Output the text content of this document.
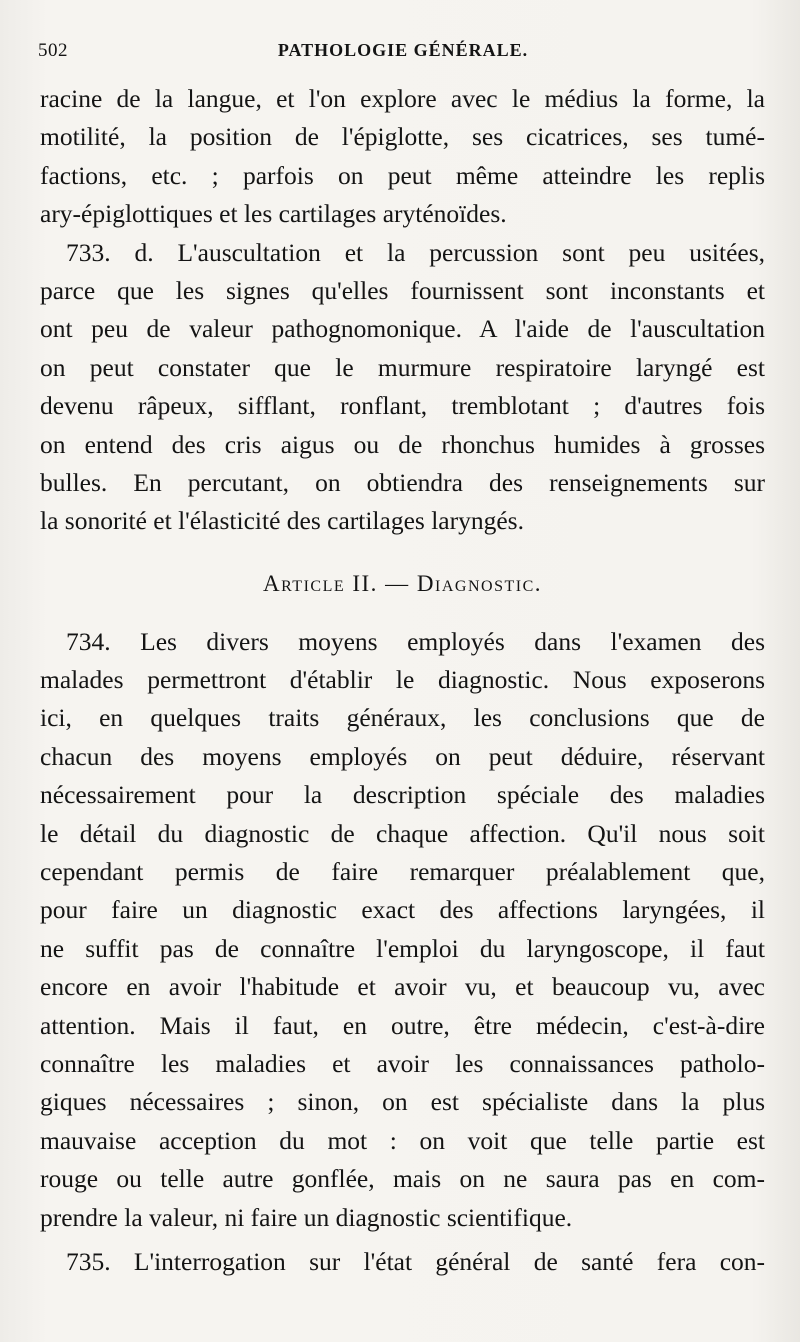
502	PATHOLOGIE GÉNÉRALE.
racine de la langue, et l'on explore avec le médius la forme, la
motilité, la position de l'épiglotte, ses cicatrices, ses tumé-
factions, etc. ; parfois on peut même atteindre les replis
ary-épiglottiques et les cartilages aryténoïdes.
733. d. L'auscultation et la percussion sont peu usitées,
parce que les signes qu'elles fournissent sont inconstants et
ont peu de valeur pathognomonique. A l'aide de l'auscultation
on peut constater que le murmure respiratoire laryngé est
devenu râpeux, sifflant, ronflant, tremblotant ; d'autres fois
on entend des cris aigus ou de rhonchus humides à grosses
bulles. En percutant, on obtiendra des renseignements sur
la sonorité et l'élasticité des cartilages laryngés.
Article II. — Diagnostic.
734. Les divers moyens employés dans l'examen des
malades permettront d'établir le diagnostic. Nous exposerons
ici, en quelques traits généraux, les conclusions que de
chacun des moyens employés on peut déduire, réservant
nécessairement pour la description spéciale des maladies
le détail du diagnostic de chaque affection. Qu'il nous soit
cependant permis de faire remarquer préalablement que,
pour faire un diagnostic exact des affections laryngées, il
ne suffit pas de connaître l'emploi du laryngoscope, il faut
encore en avoir l'habitude et avoir vu, et beaucoup vu, avec
attention. Mais il faut, en outre, être médecin, c'est-à-dire
connaître les maladies et avoir les connaissances patholo-
giques nécessaires ; sinon, on est spécialiste dans la plus
mauvaise acception du mot : on voit que telle partie est
rouge ou telle autre gonflée, mais on ne saura pas en com-
prendre la valeur, ni faire un diagnostic scientifique.
735. L'interrogation sur l'état général de santé fera con-
